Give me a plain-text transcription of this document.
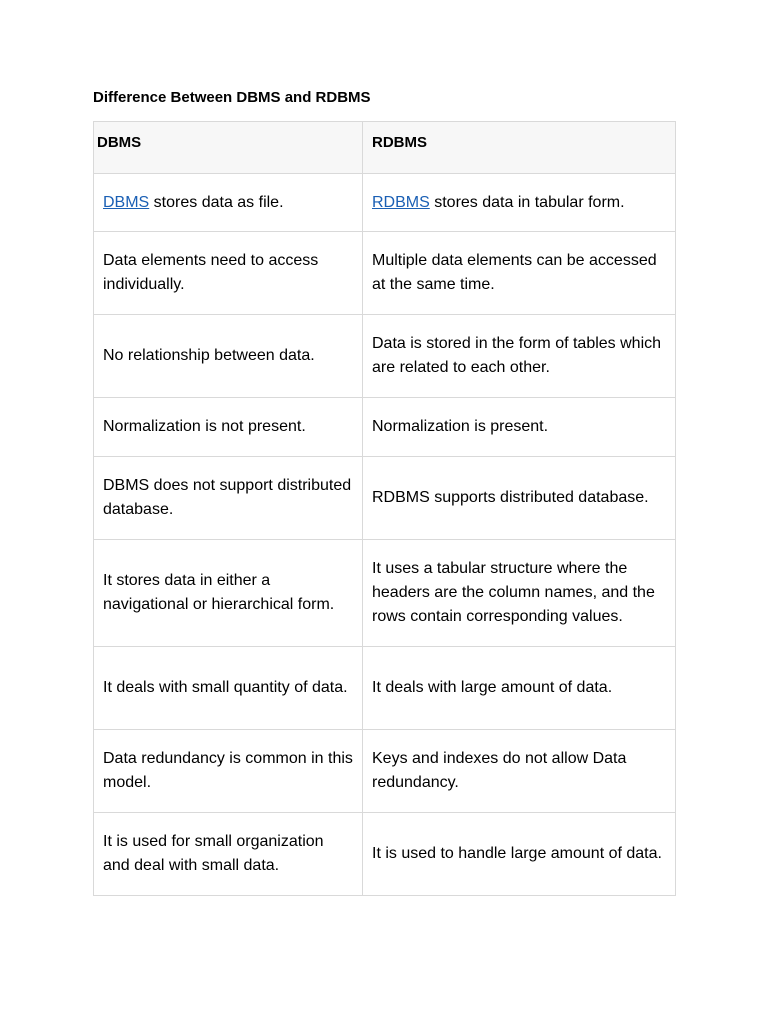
Difference Between DBMS and RDBMS
DBMS	RDBMS
DBMS stores data as file.	RDBMS stores data in tabular form.
Data elements need to access individually.	Multiple data elements can be accessed at the same time.
No relationship between data.	Data is stored in the form of tables which are related to each other.
Normalization is not present.	Normalization is present.
DBMS does not support distributed database.	RDBMS supports distributed database.
It stores data in either a navigational or hierarchical form.	It uses a tabular structure where the headers are the column names, and the rows contain corresponding values.
It deals with small quantity of data.	It deals with large amount of data.
Data redundancy is common in this model.	Keys and indexes do not allow Data redundancy.
It is used for small organization and deal with small data.	It is used to handle large amount of data.
